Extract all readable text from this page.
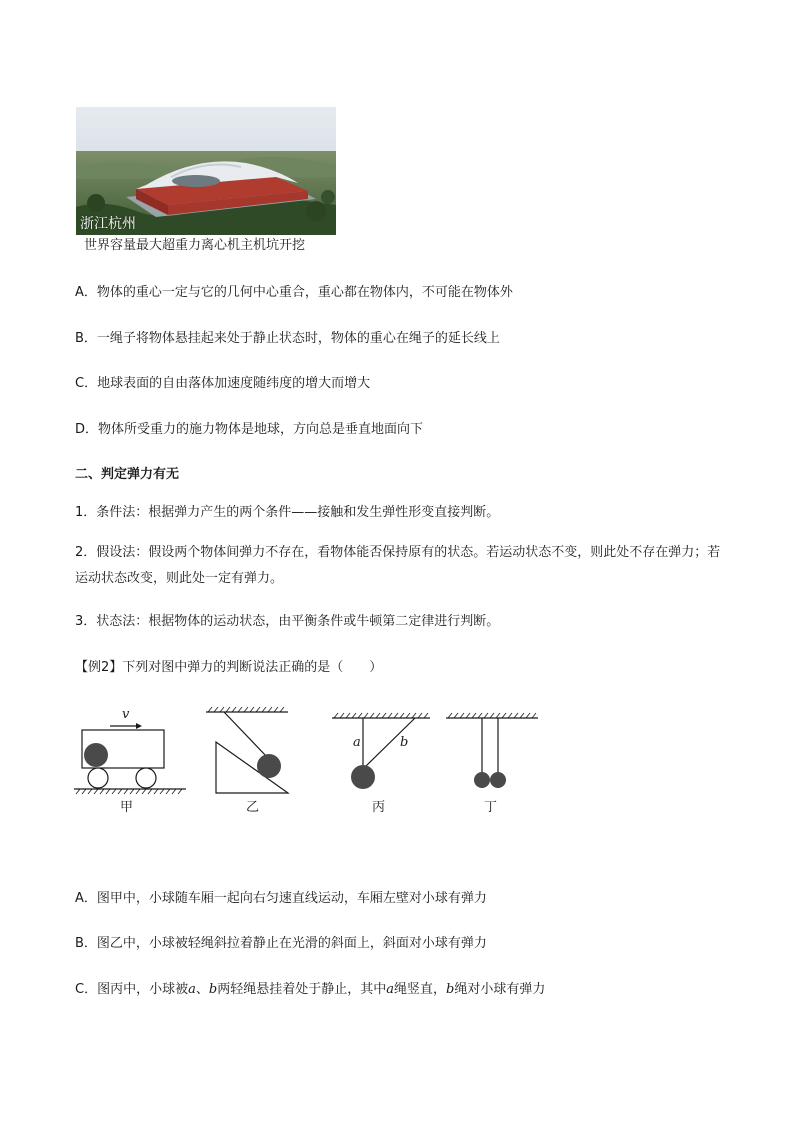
浙江杭州
世界容量最大超重力离心机主机坑开挖
A．物体的重心一定与它的几何中心重合，重心都在物体内，不可能在物体外
B．一绳子将物体悬挂起来处于静止状态时，物体的重心在绳子的延长线上
C．地球表面的自由落体加速度随纬度的增大而增大
D．物体所受重力的施力物体是地球，方向总是垂直地面向下
二、判定弹力有无
1．条件法：根据弹力产生的两个条件——接触和发生弹性形变直接判断。
2．假设法：假设两个物体间弹力不存在，看物体能否保持原有的状态。若运动状态不变，则此处不存在弹力；若运动状态改变，则此处一定有弹力。
3．状态法：根据物体的运动状态，由平衡条件或牛顿第二定律进行判断。
【例2】下列对图中弹力的判断说法正确的是（　　）
v
甲	乙
a	b
丙	丁
A．图甲中，小球随车厢一起向右匀速直线运动，车厢左壁对小球有弹力
B．图乙中，小球被轻绳斜拉着静止在光滑的斜面上，斜面对小球有弹力
C．图丙中，小球被a、b两轻绳悬挂着处于静止，其中a绳竖直，b绳对小球有弹力
